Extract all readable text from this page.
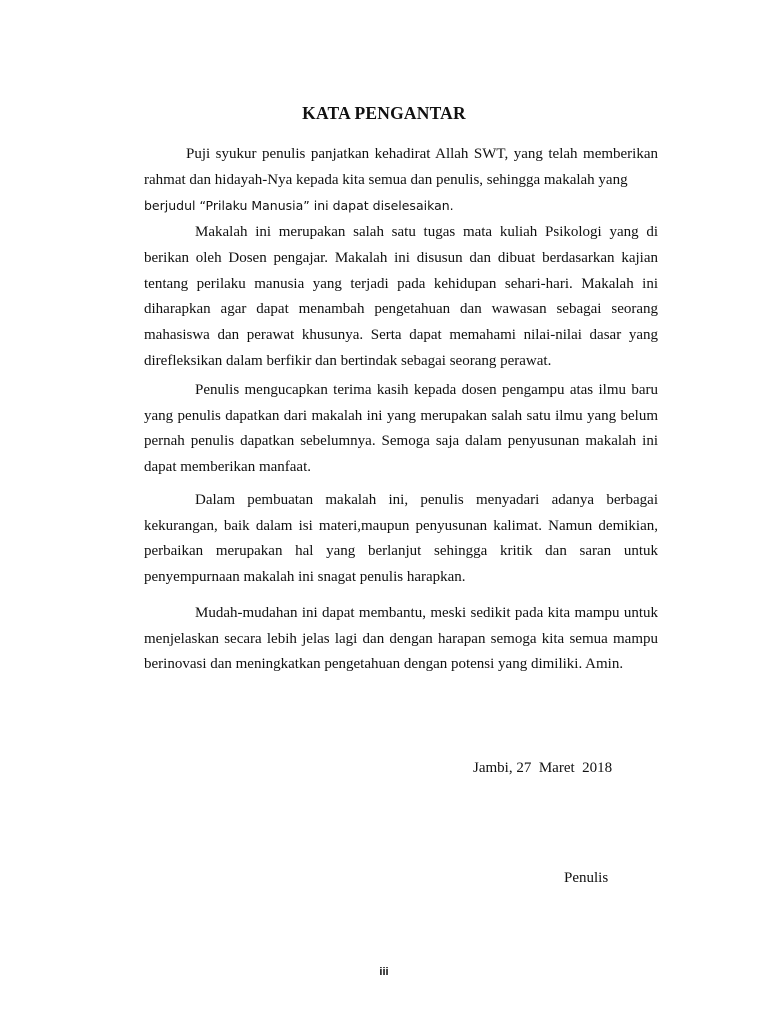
KATA PENGANTAR

Puji syukur penulis panjatkan kehadirat Allah SWT, yang telah memberikan rahmat dan hidayah-Nya kepada kita semua dan penulis, sehingga makalah yang
berjudul “Prilaku Manusia” ini dapat diselesaikan.

Makalah ini merupakan salah satu tugas mata kuliah Psikologi yang di berikan oleh Dosen pengajar. Makalah ini disusun dan dibuat berdasarkan kajian tentang perilaku manusia yang terjadi pada kehidupan sehari-hari. Makalah ini diharapkan agar dapat menambah pengetahuan dan wawasan sebagai seorang mahasiswa dan perawat khusunya. Serta dapat memahami nilai-nilai dasar yang direfleksikan dalam berfikir dan bertindak sebagai seorang perawat.

Penulis mengucapkan terima kasih kepada dosen pengampu atas ilmu baru yang penulis dapatkan dari makalah ini yang merupakan salah satu ilmu yang belum pernah penulis dapatkan sebelumnya. Semoga saja dalam penyusunan makalah ini dapat memberikan manfaat.

Dalam pembuatan makalah ini, penulis menyadari adanya berbagai kekurangan, baik dalam isi materi,maupun penyusunan kalimat. Namun demikian, perbaikan merupakan hal yang berlanjut sehingga kritik dan saran untuk penyempurnaan makalah ini snagat penulis harapkan.

Mudah-mudahan ini dapat membantu, meski sedikit pada kita mampu untuk menjelaskan secara lebih jelas lagi dan dengan harapan semoga kita semua mampu berinovasi dan meningkatkan pengetahuan dengan potensi yang dimiliki. Amin.

Jambi, 27  Maret  2018
Penulis
iii
